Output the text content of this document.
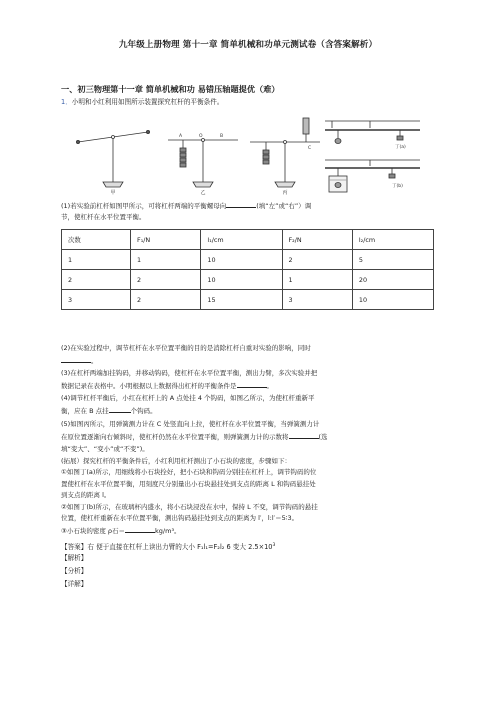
九年级上册物理 第十一章 简单机械和功单元测试卷（含答案解析）
一、初三物理第十一章 简单机械和功 易错压轴题提优（难）
1．小明和小红利用如图所示装置探究杠杆的平衡条件。
甲
A	B
O
乙
C
丙
丁(a)
丁(b)
(1)若实验前杠杆如图甲所示，可将杠杆两端的平衡螺母向	(填“左”或“右”）调
节，使杠杆在水平位置平衡。
次数	F₁/N	l₁/cm	F₂/N	l₂/cm
1	1	10	2	5
2	2	10	1	20
3	2	15	3	10
(2)在实验过程中，调节杠杆在水平位置平衡的目的是消除杠杆自重对实验的影响，同时
。
(3)在杠杆两端加挂钩码，并移动钩码，使杠杆在水平位置平衡，测出力臂，多次实验并把
数据记录在表格中。小明根据以上数据得出杠杆的平衡条件是	。
(4)调节杠杆平衡后，小红在杠杆上的 A 点处挂 4 个钩码，如图乙所示，为使杠杆重新平
衡，应在 B 点挂	个钩码。
(5)如图丙所示，用弹簧测力计在 C 处竖直向上拉，使杠杆在水平位置平衡，当弹簧测力计
在原位置逐渐向右倾斜时，使杠杆仍然在水平位置平衡，则弹簧测力计的示数将	(选
填“变大”、“变小”或“不变”)。
(拓展）探究杠杆的平衡条件后，小红利用杠杆测出了小石块的密度，步骤如下：
①如图丁(a)所示，用细线将小石块拴好，把小石块和钩码分别挂在杠杆上，调节钩码的位
置使杠杆在水平位置平衡，用刻度尺分别量出小石块悬挂处到支点的距离 L 和钩码悬挂处
到支点的距离 l。
②如图丁(b)所示，在玻璃杯内盛水，将小石块浸没在水中，保持 L 不变，调节钩码的悬挂
位置，使杠杆重新在水平位置平衡，测出钩码悬挂处到支点的距离为 l′，l:l′＝5∶3。
③小石块的密度 ρ石＝	kg/m³。
【答案】右 便于直接在杠杆上读出力臂的大小 F₁l₁=F₂l₂ 6 变大 $2.5\times 10^3$
【解析】
【分析】
【详解】
